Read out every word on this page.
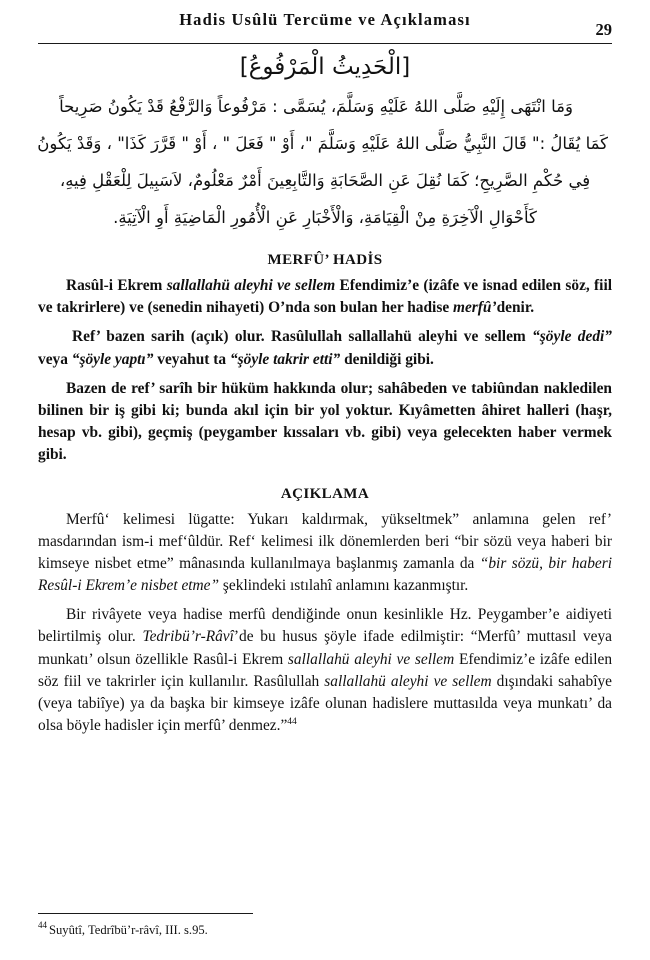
Hadis Usûlü Tercüme ve Açıklaması
29
[الْحَدِيثُ الْمَرْفُوعُ]
وَمَا انْتَهَى إِلَيْهِ صَلَّى اللهُ عَلَيْهِ وَسَلَّمَ، يُسَمَّى : مَرْفُوعاً وَالرَّفْعُ قَدْ يَكُونُ صَرِيحاً
كَمَا يُقَالُ :" قَالَ النَّبِيُّ صَلَّى اللهُ عَلَيْهِ وَسَلَّمَ "، أَوْ " فَعَلَ " ، أَوْ " قَرَّرَ كَذَا" ، وَقَدْ يَكُونُ
فِي حُكْمِ الصَّرِيحِ؛ كَمَا نُقِلَ عَنِ الصَّحَابَةِ وَالتَّابِعِينَ أَمْرٌ مَعْلُومٌ، لاَسَبِيلَ لِلْعَقْلِ فِيهِ،
كَأَحْوَالِ الْآخِرَةِ مِنْ الْقِيَامَةِ، وَالْأَخْبَارِ عَنِ الْأُمُورِ الْمَاضِيَةِ أَوِ الْآتِيَةِ.
MERFÛ’ HADİS

Rasûl-i Ekrem sallallahü aleyhi ve sellem Efendimiz’e (izâfe ve isnad edilen söz, fiil ve takrirlere) ve (senedin nihayeti) O’nda son bulan her hadise merfû’denir.

Ref’ bazen sarih (açık) olur. Rasûlullah sallallahü aleyhi ve sellem “şöyle dedi” veya “şöyle yaptı” veyahut ta “şöyle takrir etti” denildiği gibi.

Bazen de ref’ sarîh bir hüküm hakkında olur; sahâbeden ve tabiûndan nakledilen bilinen bir iş gibi ki; bunda akıl için bir yol yoktur. Kıyâmetten âhiret halleri (haşr, hesap vb. gibi), geçmiş (peygamber kıssaları vb. gibi) veya gelecekten haber vermek gibi.

AÇIKLAMA

Merfû‘ kelimesi lügatte: Yukarı kaldırmak, yükseltmek” anlamına gelen ref’ masdarından ism-i mef‘ûldür. Ref‘ kelimesi ilk dönemlerden beri “bir sözü veya haberi bir kimseye nisbet etme” mânasında kullanılmaya başlanmış zamanla da “bir sözü, bir haberi Resûl-i Ekrem’e nisbet etme” şeklindeki ıstılahî anlamını kazanmıştır.

Bir rivâyete veya hadise merfû dendiğinde onun kesinlikle Hz. Peygamber’e aidiyeti belirtilmiş olur. Tedribü’r-Râvî’de bu husus şöyle ifade edilmiştir: “Merfû’ muttasıl veya munkatı’ olsun özellikle Rasûl-i Ekrem sallallahü aleyhi ve sellem Efendimiz’e izâfe edilen söz fiil ve takrirler için kullanılır. Rasûlullah sallallahü aleyhi ve sellem dışındaki sahabîye (veya tabiîye) ya da başka bir kimseye izâfe olunan hadislere muttasılda veya munkatı’ da olsa böyle hadisler için merfû’ denmez.”$^{44}$

$^{44}$ Suyûtî, Tedrîbü’r-râvî, III. s.95.
